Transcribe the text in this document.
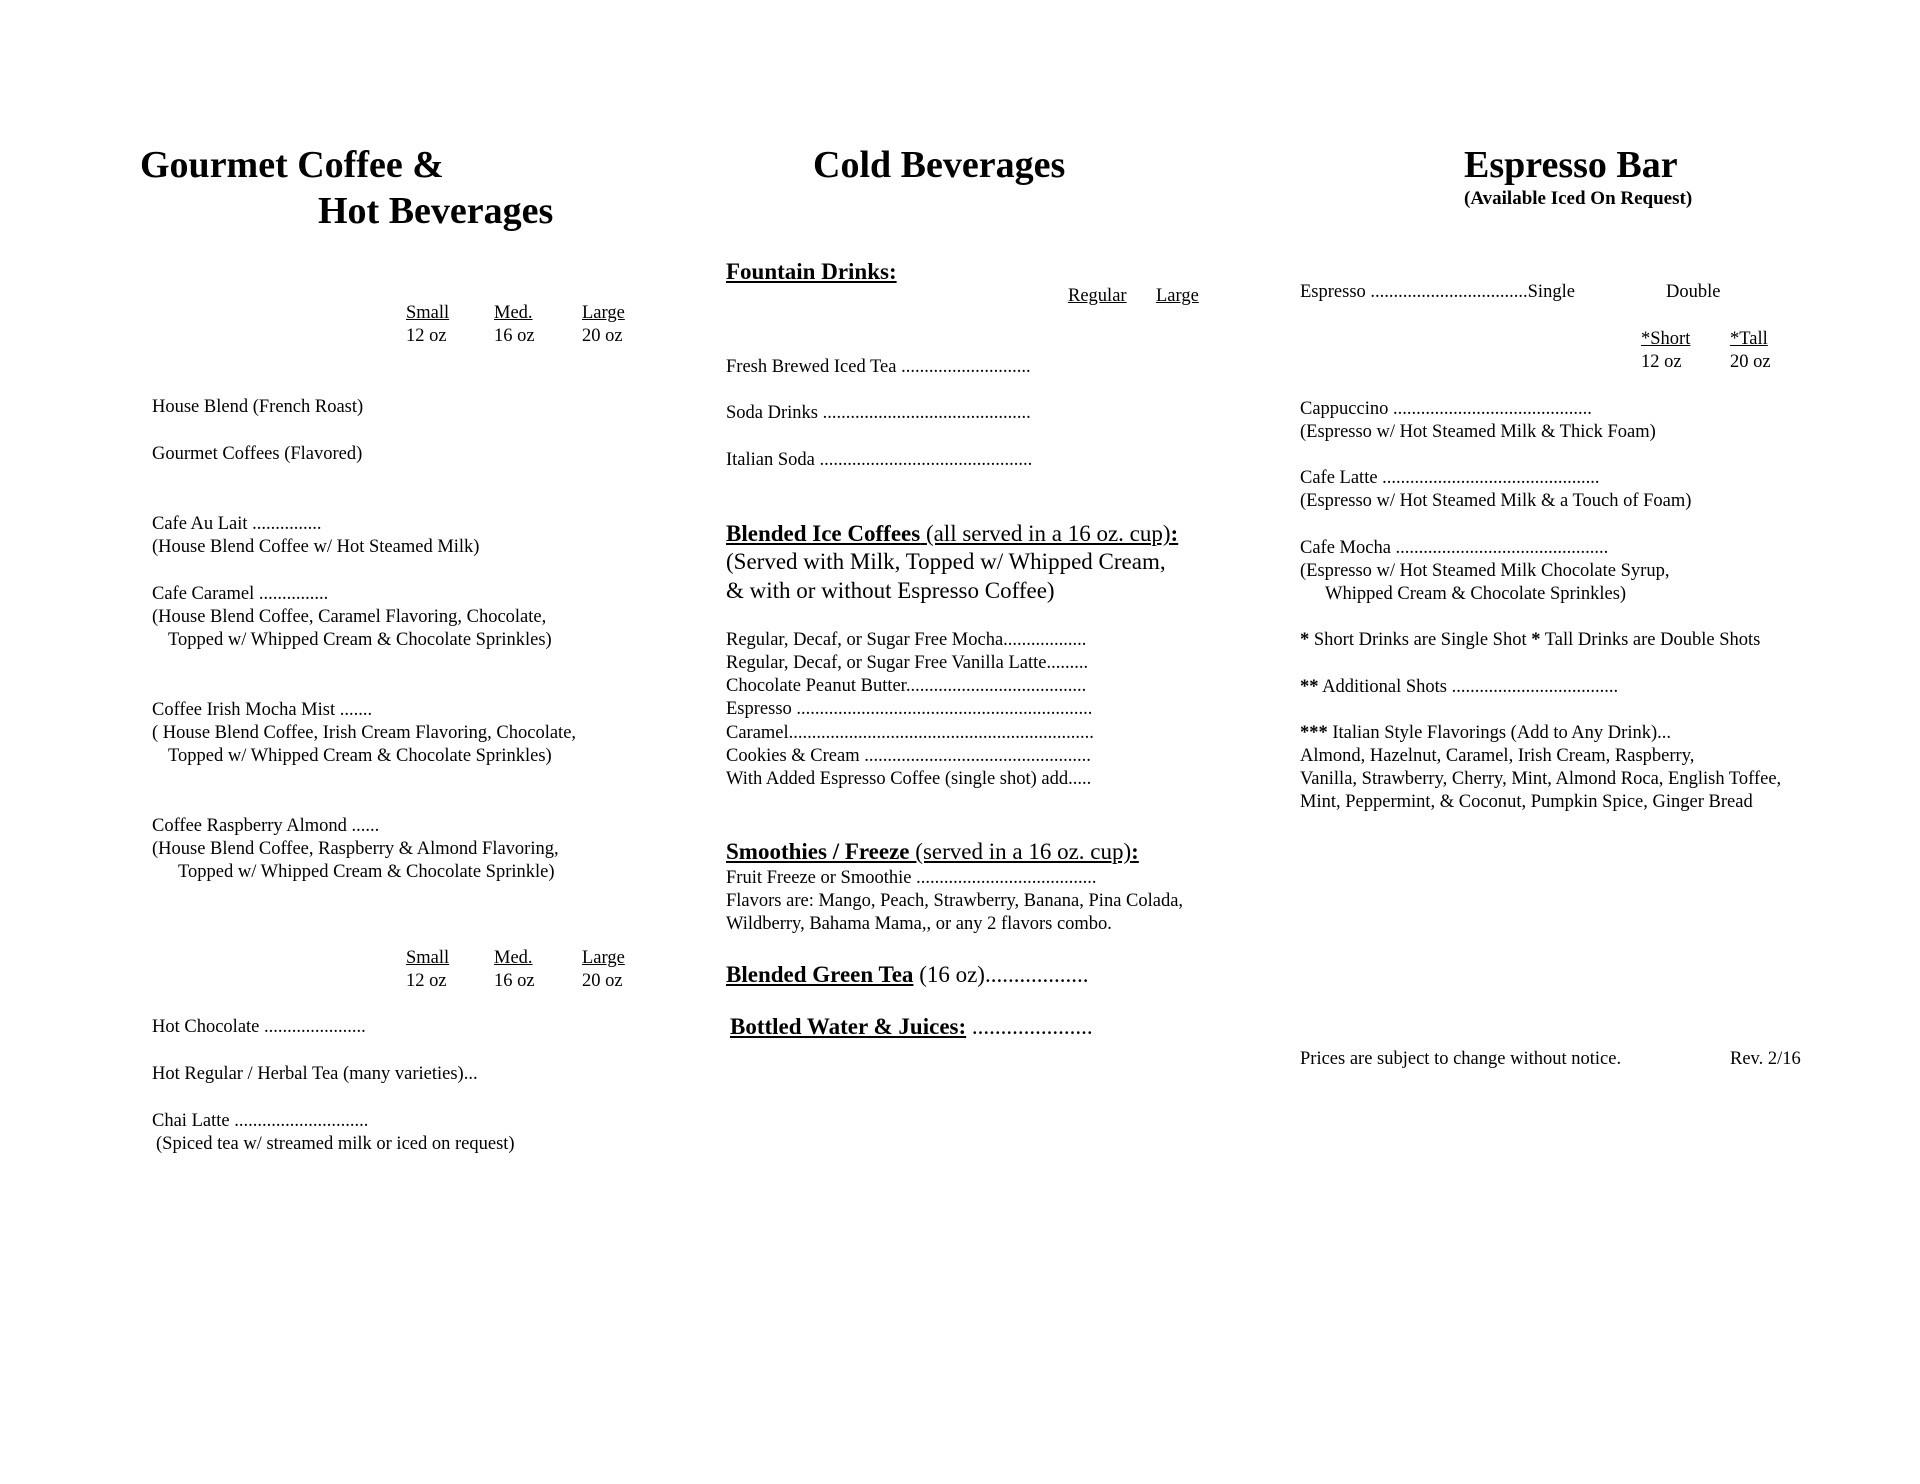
Gourmet Coffee &
Hot Beverages
Small Med.	Large
12 oz	16 oz	20 oz
House Blend (French Roast)
Gourmet Coffees (Flavored)
Cafe Au Lait ...............
(House Blend Coffee w/ Hot Steamed Milk)
Cafe Caramel ...............
(House Blend Coffee, Caramel Flavoring, Chocolate,
Topped w/ Whipped Cream & Chocolate Sprinkles)
Coffee Irish Mocha Mist .......
( House Blend Coffee, Irish Cream Flavoring, Chocolate,
Topped w/ Whipped Cream & Chocolate Sprinkles)
Coffee Raspberry Almond ......
(House Blend Coffee, Raspberry & Almond Flavoring,
Topped w/ Whipped Cream & Chocolate Sprinkle)
Small Med.	Large
12 oz	16 oz	20 oz
Hot Chocolate ......................
Hot Regular / Herbal Tea (many varieties)...
Chai Latte .............................
(Spiced tea w/ streamed milk or iced on request)
Cold Beverages
Fountain Drinks:
Regular Large
Fresh Brewed Iced Tea ............................
Soda Drinks .............................................
Italian Soda ..............................................
Blended Ice Coffees (all served in a 16 oz. cup):
(Served with Milk, Topped w/ Whipped Cream,
& with or without Espresso Coffee)
Regular, Decaf, or Sugar Free Mocha..................
Regular, Decaf, or Sugar Free Vanilla Latte.........
Chocolate Peanut Butter.......................................
Espresso ................................................................
Caramel..................................................................
Cookies & Cream .................................................
With Added Espresso Coffee (single shot) add.....
Smoothies / Freeze (served in a 16 oz. cup):
Fruit Freeze or Smoothie .......................................
Flavors are: Mango, Peach, Strawberry, Banana, Pina Colada,
Wildberry, Bahama Mama,, or any 2 flavors combo.
Blended Green Tea (16 oz)..................
Bottled Water & Juices: .....................
Espresso Bar
(Available Iced On Request)
Espresso ..................................Single	Double
*Short *Tall
12 oz	20 oz
Cappuccino ...........................................
(Espresso w/ Hot Steamed Milk & Thick Foam)
Cafe Latte ...............................................
(Espresso w/ Hot Steamed Milk & a Touch of Foam)
Cafe Mocha ..............................................
(Espresso w/ Hot Steamed Milk Chocolate Syrup,
Whipped Cream & Chocolate Sprinkles)
* Short Drinks are Single Shot * Tall Drinks are Double Shots
** Additional Shots ....................................
*** Italian Style Flavorings (Add to Any Drink)...
Almond, Hazelnut, Caramel, Irish Cream, Raspberry,
Vanilla, Strawberry, Cherry, Mint, Almond Roca, English Toffee,
Mint, Peppermint, & Coconut, Pumpkin Spice, Ginger Bread
Prices are subject to change without notice.	Rev. 2/16
